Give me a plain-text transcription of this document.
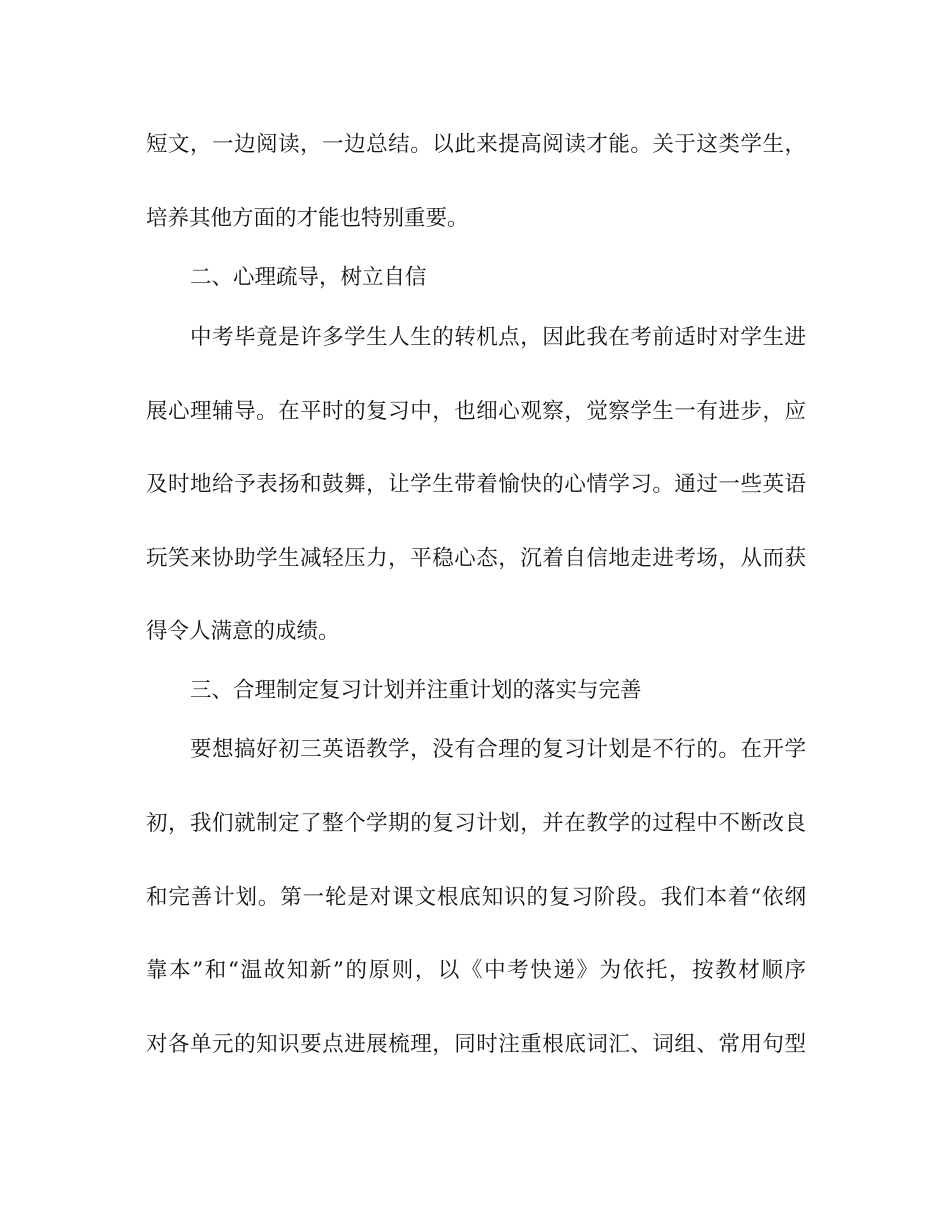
短文，一边阅读，一边总结。以此来提高阅读才能。关于这类学生，
培养其他方面的才能也特别重要。
二、心理疏导，树立自信
中考毕竟是许多学生人生的转机点，因此我在考前适时对学生进
展心理辅导。在平时的复习中，也细心观察，觉察学生一有进步，应
及时地给予表扬和鼓舞，让学生带着愉快的心情学习。通过一些英语
玩笑来协助学生减轻压力，平稳心态，沉着自信地走进考场，从而获
得令人满意的成绩。
三、合理制定复习计划并注重计划的落实与完善
要想搞好初三英语教学，没有合理的复习计划是不行的。在开学
初，我们就制定了整个学期的复习计划，并在教学的过程中不断改良
和完善计划。第一轮是对课文根底知识的复习阶段。我们本着“依纲
靠本”和“温故知新”的原则，以《中考快递》为依托，按教材顺序
对各单元的知识要点进展梳理，同时注重根底词汇、词组、常用句型
